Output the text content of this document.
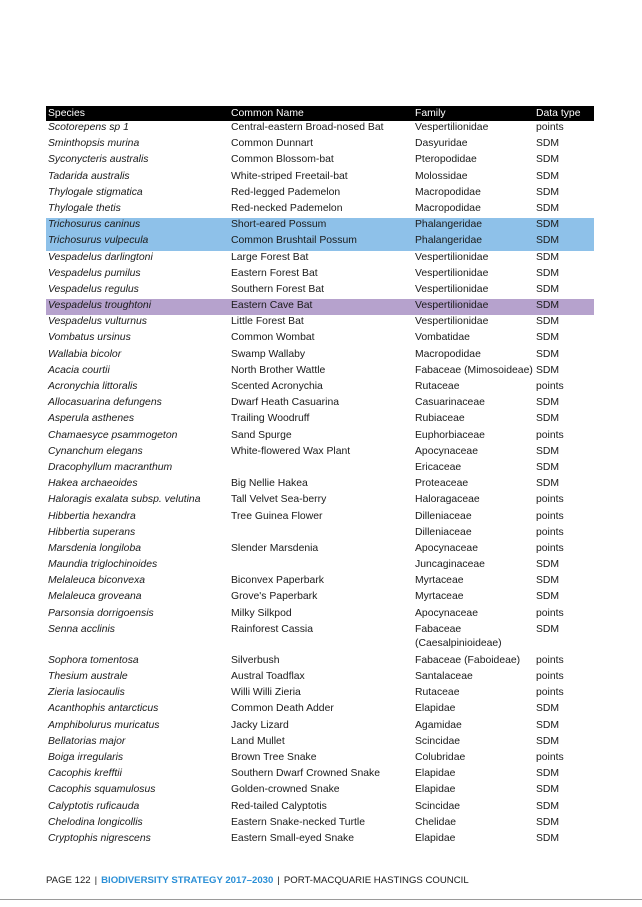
Species	Common Name	Family	Data type
Scotorepens sp 1	Central-eastern Broad-nosed Bat	Vespertilionidae	points
Sminthopsis murina	Common Dunnart	Dasyuridae	SDM
Syconycteris australis	Common Blossom-bat	Pteropodidae	SDM
Tadarida australis	White-striped Freetail-bat	Molossidae	SDM
Thylogale stigmatica	Red-legged Pademelon	Macropodidae	SDM
Thylogale thetis	Red-necked Pademelon	Macropodidae	SDM
Trichosurus caninus	Short-eared Possum	Phalangeridae	SDM
Trichosurus vulpecula	Common Brushtail Possum	Phalangeridae	SDM
Vespadelus darlingtoni	Large Forest Bat	Vespertilionidae	SDM
Vespadelus pumilus	Eastern Forest Bat	Vespertilionidae	SDM
Vespadelus regulus	Southern Forest Bat	Vespertilionidae	SDM
Vespadelus troughtoni	Eastern Cave Bat	Vespertilionidae	SDM
Vespadelus vulturnus	Little Forest Bat	Vespertilionidae	SDM
Vombatus ursinus	Common Wombat	Vombatidae	SDM
Wallabia bicolor	Swamp Wallaby	Macropodidae	SDM
Acacia courtii	North Brother Wattle	Fabaceae (Mimosoideae)	SDM
Acronychia littoralis	Scented Acronychia	Rutaceae	points
Allocasuarina defungens	Dwarf Heath Casuarina	Casuarinaceae	SDM
Asperula asthenes	Trailing Woodruff	Rubiaceae	SDM
Chamaesyce psammogeton	Sand Spurge	Euphorbiaceae	points
Cynanchum elegans	White-flowered Wax Plant	Apocynaceae	SDM
Dracophyllum macranthum		Ericaceae	SDM
Hakea archaeoides	Big Nellie Hakea	Proteaceae	SDM
Haloragis exalata subsp. velutina	Tall Velvet Sea-berry	Haloragaceae	points
Hibbertia hexandra	Tree Guinea Flower	Dilleniaceae	points
Hibbertia superans		Dilleniaceae	points
Marsdenia longiloba	Slender Marsdenia	Apocynaceae	points
Maundia triglochinoides		Juncaginaceae	SDM
Melaleuca biconvexa	Biconvex Paperbark	Myrtaceae	SDM
Melaleuca groveana	Grove's Paperbark	Myrtaceae	SDM
Parsonsia dorrigoensis	Milky Silkpod	Apocynaceae	points
Senna acclinis	Rainforest Cassia	Fabaceae (Caesalpinioideae)	SDM
Sophora tomentosa	Silverbush	Fabaceae (Faboideae)	points
Thesium australe	Austral Toadflax	Santalaceae	points
Zieria lasiocaulis	Willi Willi Zieria	Rutaceae	points
Acanthophis antarcticus	Common Death Adder	Elapidae	SDM
Amphibolurus muricatus	Jacky Lizard	Agamidae	SDM
Bellatorias major	Land Mullet	Scincidae	SDM
Boiga irregularis	Brown Tree Snake	Colubridae	points
Cacophis krefftii	Southern Dwarf Crowned Snake	Elapidae	SDM
Cacophis squamulosus	Golden-crowned Snake	Elapidae	SDM
Calyptotis ruficauda	Red-tailed Calyptotis	Scincidae	SDM
Chelodina longicollis	Eastern Snake-necked Turtle	Chelidae	SDM
Cryptophis nigrescens	Eastern Small-eyed Snake	Elapidae	SDM
PAGE 122 | BIODIVERSITY STRATEGY 2017–2030 | PORT-MACQUARIE HASTINGS COUNCIL
